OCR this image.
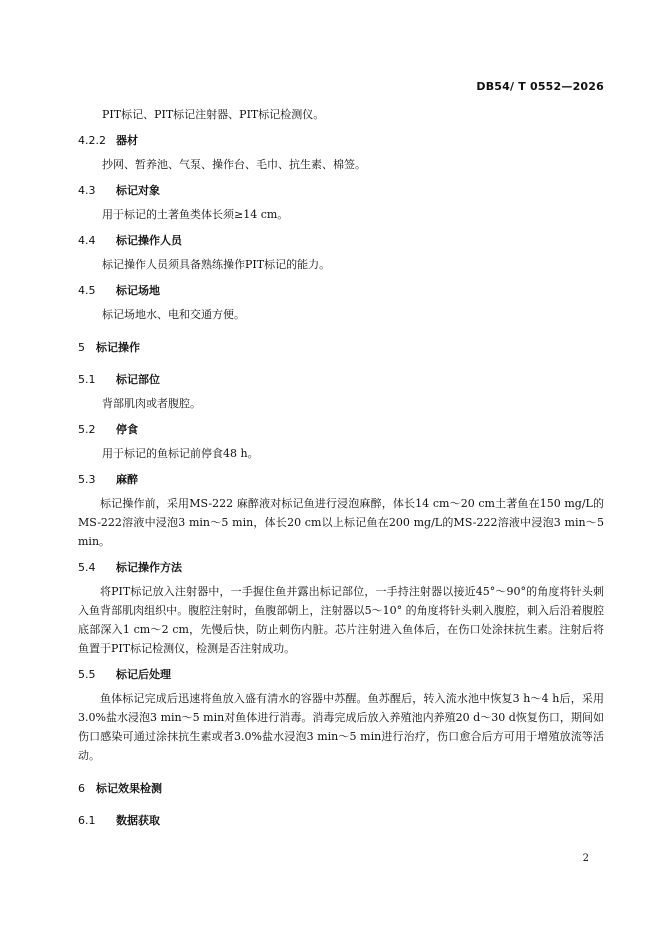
DB54/ T 0552—2026

PIT标记、PIT标记注射器、PIT标记检测仪。

4.2.2 器材

抄网、暂养池、气泵、操作台、毛巾、抗生素、棉签。

4.3 标记对象

用于标记的土著鱼类体长须≥14 cm。

4.4 标记操作人员

标记操作人员须具备熟练操作PIT标记的能力。

4.5 标记场地

标记场地水、电和交通方便。

5 标记操作

5.1 标记部位

背部肌肉或者腹腔。

5.2 停食

用于标记的鱼标记前停食48 h。

5.3 麻醉

标记操作前，采用MS-222 麻醉液对标记鱼进行浸泡麻醉，体长14 cm～20 cm土著鱼在150 mg/L的MS-222溶液中浸泡3 min～5 min，体长20 cm以上标记鱼在200 mg/L的MS-222溶液中浸泡3 min～5 min。

5.4 标记操作方法

将PIT标记放入注射器中，一手握住鱼并露出标记部位，一手持注射器以接近45°～90°的角度将针头刺入鱼背部肌肉组织中。腹腔注射时，鱼腹部朝上，注射器以5～10° 的角度将针头刺入腹腔，刺入后沿着腹腔底部深入1 cm～2 cm，先慢后快，防止刺伤内脏。芯片注射进入鱼体后，在伤口处涂抹抗生素。注射后将鱼置于PIT标记检测仪，检测是否注射成功。

5.5 标记后处理

鱼体标记完成后迅速将鱼放入盛有清水的容器中苏醒。鱼苏醒后，转入流水池中恢复3 h～4 h后，采用 3.0%盐水浸泡3 min～5 min对鱼体进行消毒。消毒完成后放入养殖池内养殖20 d～30 d恢复伤口，期间如伤口感染可通过涂抹抗生素或者3.0%盐水浸泡3 min～5 min进行治疗，伤口愈合后方可用于增殖放流等活动。

6 标记效果检测

6.1 数据获取

2
